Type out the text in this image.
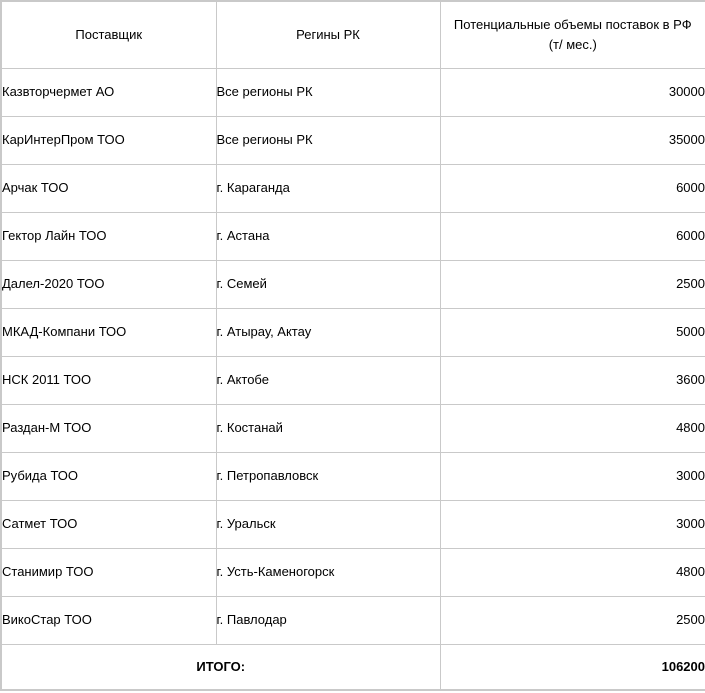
Поставщик	Регины РК	Потенциальные объемы поставок в РФ (т/ мес.)
Казвторчермет АО	Все регионы РК	30000
КарИнтерПром ТОО	Все регионы РК	35000
Арчак ТОО	г. Караганда	6000
Гектор Лайн ТОО	г. Астана	6000
Далел-2020 ТОО	г. Семей	2500
МКАД-Компани ТОО	г. Атырау, Актау	5000
НСК 2011 ТОО	г. Актобе	3600
Раздан-М ТОО	г. Костанай	4800
Рубида ТОО	г. Петропавловск	3000
Сатмет ТОО	г. Уральск	3000
Станимир ТОО	г. Усть-Каменогорск	4800
ВикоСтар ТОО	г. Павлодар	2500
ИТОГО:		106200
